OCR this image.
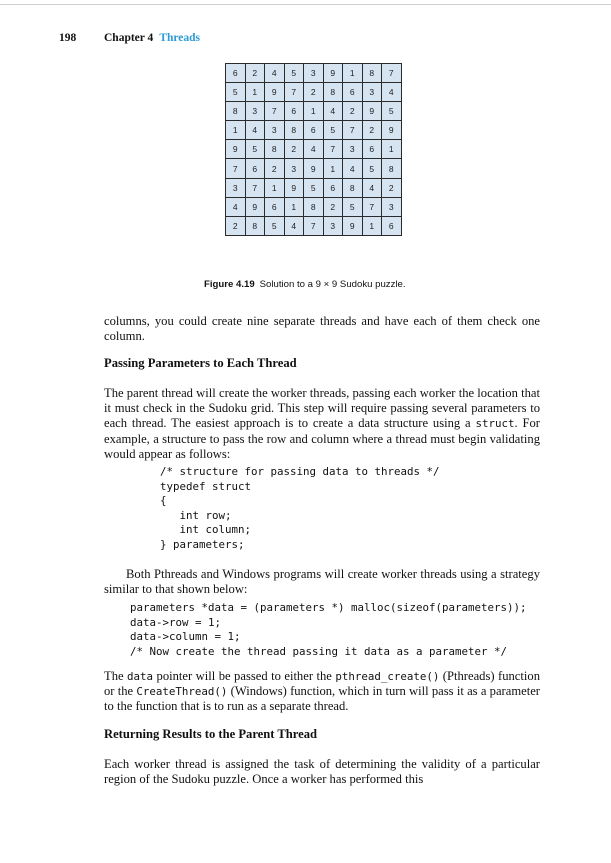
198 Chapter 4 Threads
6	2	4	5	3	9	1	8	7
5	1	9	7	2	8	6	3	4
8	3	7	6	1	4	2	9	5
1	4	3	8	6	5	7	2	9
9	5	8	2	4	7	3	6	1
7	6	2	3	9	1	4	5	8
3	7	1	9	5	6	8	4	2
4	9	6	1	8	2	5	7	3
2	8	5	4	7	3	9	1	6
Figure 4.19 Solution to a 9 × 9 Sudoku puzzle.

columns, you could create nine separate threads and have each of them check one column.

Passing Parameters to Each Thread

The parent thread will create the worker threads, passing each worker the location that it must check in the Sudoku grid. This step will require passing several parameters to each thread. The easiest approach is to create a data structure using a struct. For example, a structure to pass the row and column where a thread must begin validating would appear as follows:

/* structure for passing data to threads */
typedef struct
{
int row;
int column;
} parameters;

Both Pthreads and Windows programs will create worker threads using a strategy similar to that shown below:

parameters *data = (parameters *) malloc(sizeof(parameters));
data->row = 1;
data->column = 1;
/* Now create the thread passing it data as a parameter */

The data pointer will be passed to either the pthread_create() (Pthreads) function or the CreateThread() (Windows) function, which in turn will pass it as a parameter to the function that is to run as a separate thread.

Returning Results to the Parent Thread

Each worker thread is assigned the task of determining the validity of a particular region of the Sudoku puzzle. Once a worker has performed this
